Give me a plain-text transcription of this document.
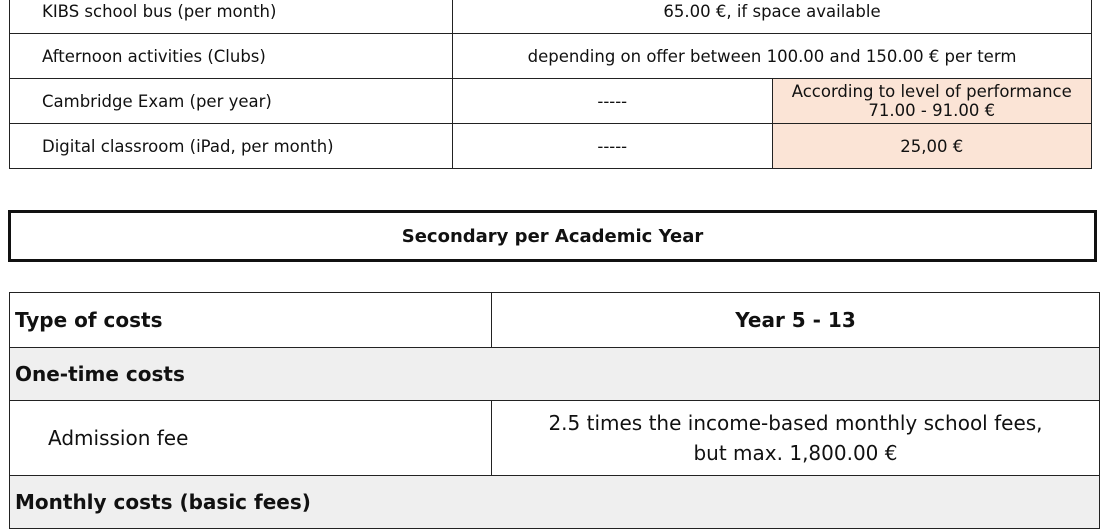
KIBS school bus (per month)	65.00 €, if space available	
Afternoon activities (Clubs)	depending on offer between 100.00 and 150.00 € per term	
Cambridge Exam (per year)	-----	According to level of performance 71.00 - 91.00 €
Digital classroom (iPad, per month)	-----	25,00 €
Secondary per Academic Year
Type of costs	Year 5 - 13
One-time costs	
Admission fee	2.5 times the income-based monthly school fees,
but max. 1,800.00 €
Monthly costs (basic fees)	
